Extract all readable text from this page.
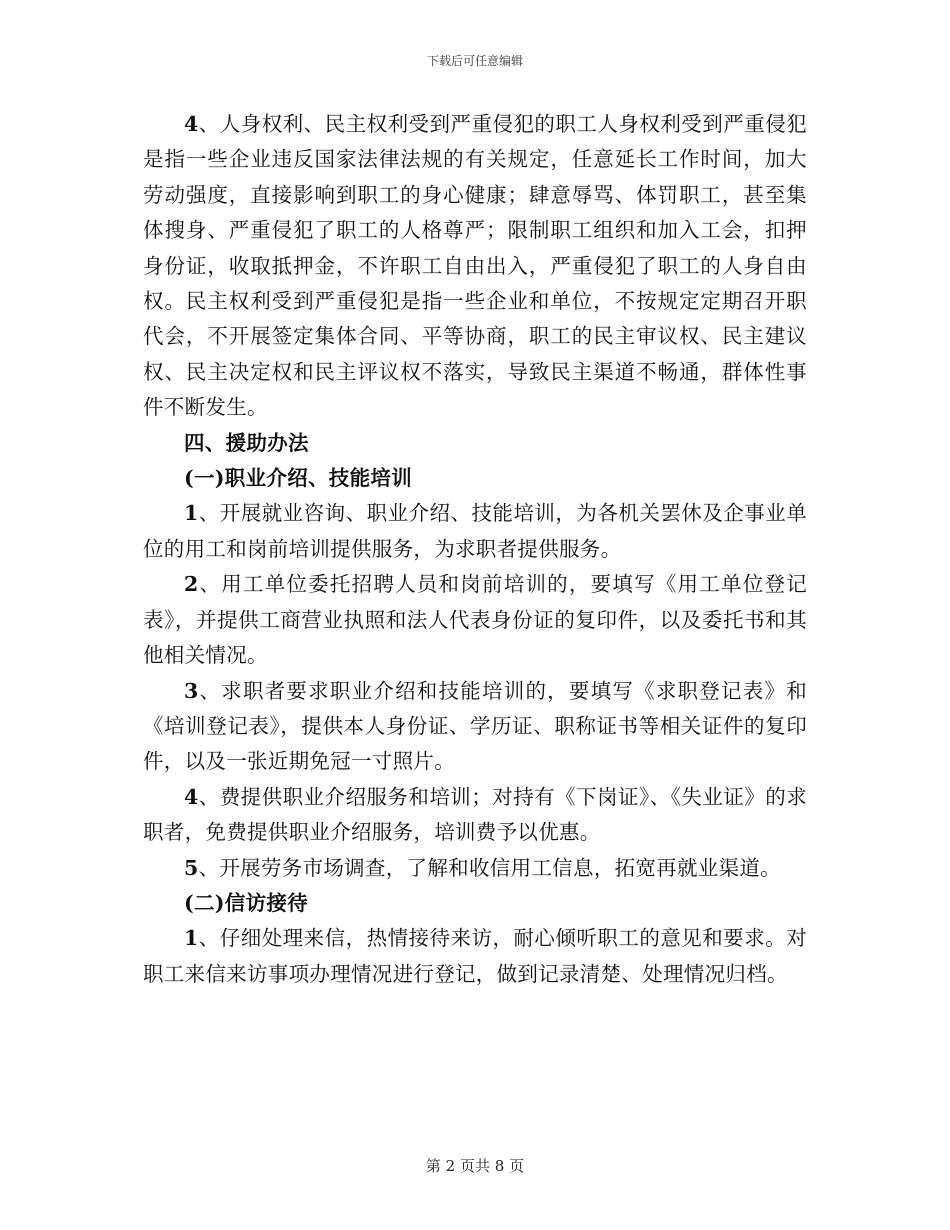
下载后可任意编辑

4、人身权利、民主权利受到严重侵犯的职工人身权利受到严重侵犯是指一些企业违反国家法律法规的有关规定，任意延长工作时间，加大劳动强度，直接影响到职工的身心健康；肆意辱骂、体罚职工，甚至集体搜身、严重侵犯了职工的人格尊严；限制职工组织和加入工会，扣押身份证，收取抵押金，不许职工自由出入，严重侵犯了职工的人身自由权。民主权利受到严重侵犯是指一些企业和单位，不按规定定期召开职代会，不开展签定集体合同、平等协商，职工的民主审议权、民主建议权、民主决定权和民主评议权不落实，导致民主渠道不畅通，群体性事件不断发生。

四、援助办法

(一)职业介绍、技能培训

1、开展就业咨询、职业介绍、技能培训，为各机关罢休及企事业单位的用工和岗前培训提供服务，为求职者提供服务。

2、用工单位委托招聘人员和岗前培训的，要填写《用工单位登记表》，并提供工商营业执照和法人代表身份证的复印件，以及委托书和其他相关情况。

3、求职者要求职业介绍和技能培训的，要填写《求职登记表》和《培训登记表》，提供本人身份证、学历证、职称证书等相关证件的复印件，以及一张近期免冠一寸照片。

4、费提供职业介绍服务和培训；对持有《下岗证》、《失业证》的求职者，免费提供职业介绍服务，培训费予以优惠。

5、开展劳务市场调查，了解和收信用工信息，拓宽再就业渠道。

(二)信访接待

1、仔细处理来信，热情接待来访，耐心倾听职工的意见和要求。对职工来信来访事项办理情况进行登记，做到记录清楚、处理情况归档。

第 2 页共 8 页
